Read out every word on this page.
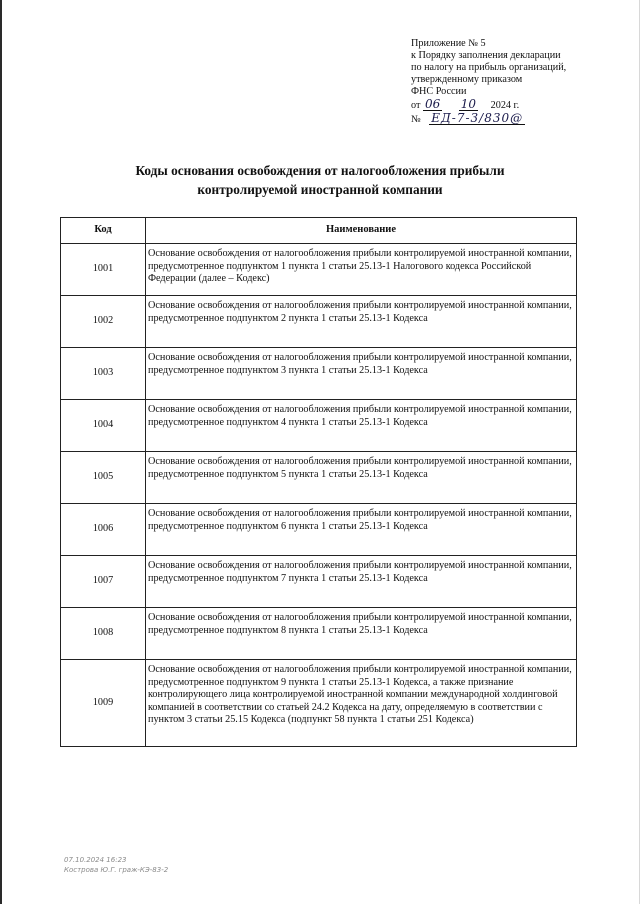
Приложение № 5
к Порядку заполнения декларации
по налогу на прибыль организаций,
утвержденному приказом
ФНС России
от 06 10 2024 г.
№ ЕД-7-3/830@
Коды основания освобождения от налогообложения прибыли
контролируемой иностранной компании
Код	Наименование
1001	Основание освобождения от налогообложения прибыли контролируемой иностранной компании, предусмотренное подпунктом 1 пункта 1 статьи 25.13-1 Налогового кодекса Российской Федерации (далее – Кодекс)
1002	Основание освобождения от налогообложения прибыли контролируемой иностранной компании, предусмотренное подпунктом 2 пункта 1 статьи 25.13-1 Кодекса
1003	Основание освобождения от налогообложения прибыли контролируемой иностранной компании, предусмотренное подпунктом 3 пункта 1 статьи 25.13-1 Кодекса
1004	Основание освобождения от налогообложения прибыли контролируемой иностранной компании, предусмотренное подпунктом 4 пункта 1 статьи 25.13-1 Кодекса
1005	Основание освобождения от налогообложения прибыли контролируемой иностранной компании, предусмотренное подпунктом 5 пункта 1 статьи 25.13-1 Кодекса
1006	Основание освобождения от налогообложения прибыли контролируемой иностранной компании, предусмотренное подпунктом 6 пункта 1 статьи 25.13-1 Кодекса
1007	Основание освобождения от налогообложения прибыли контролируемой иностранной компании, предусмотренное подпунктом 7 пункта 1 статьи 25.13-1 Кодекса
1008	Основание освобождения от налогообложения прибыли контролируемой иностранной компании, предусмотренное подпунктом 8 пункта 1 статьи 25.13-1 Кодекса
1009	Основание освобождения от налогообложения прибыли контролируемой иностранной компании, предусмотренное подпунктом 9 пункта 1 статьи 25.13-1 Кодекса, а также признание контролирующего лица контролируемой иностранной компании международной холдинговой компанией в соответствии со статьей 24.2 Кодекса на дату, определяемую в соответствии с пунктом 3 статьи 25.15 Кодекса (подпункт 58 пункта 1 статьи 251 Кодекса)
07.10.2024 16:23
Кострова Ю.Г. граж-КЭ-83-2
